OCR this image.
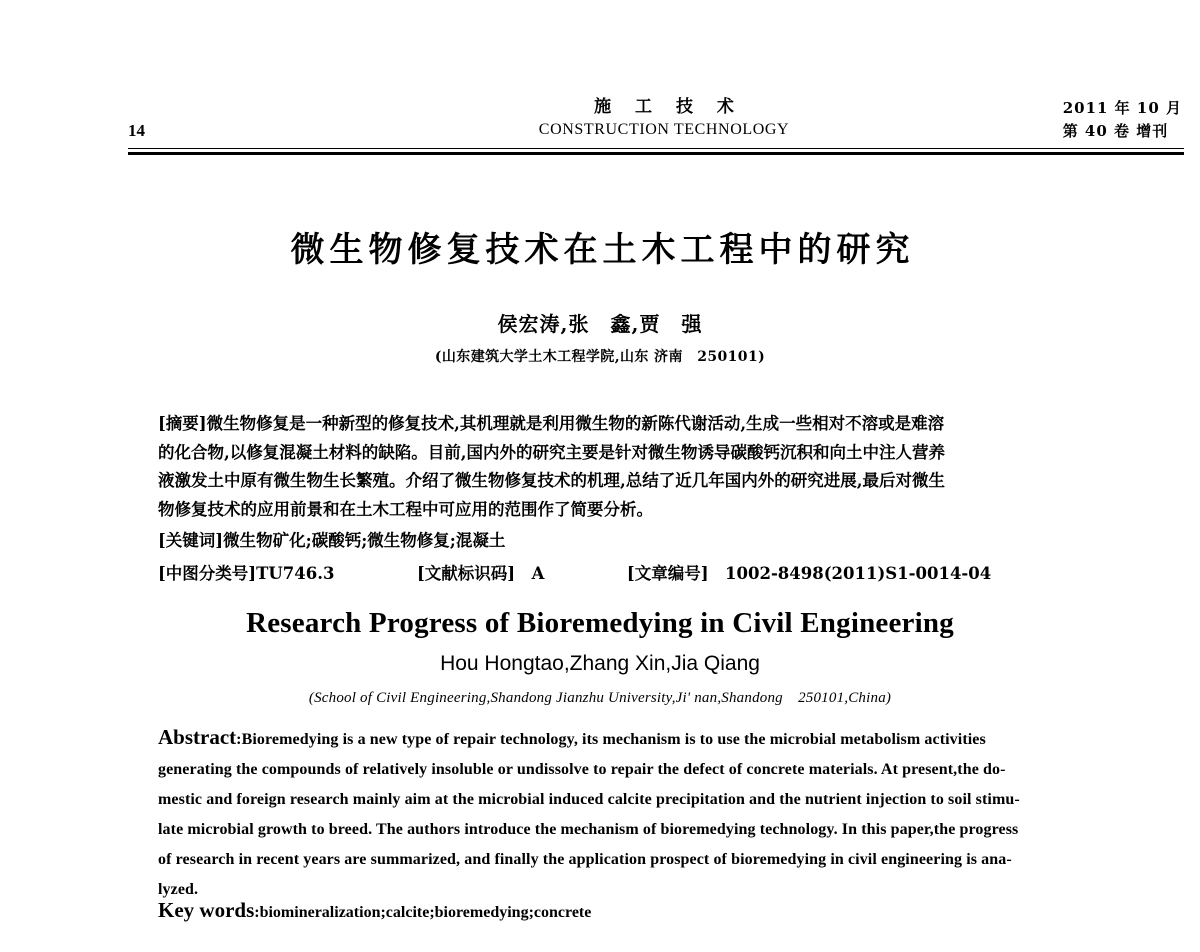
14
施 工 技 术
CONSTRUCTION TECHNOLOGY
2011 年 10 月
第 40 卷 增刊
微生物修复技术在土木工程中的研究
侯宏涛,张　鑫,贾　强
(山东建筑大学土木工程学院,山东 济南　250101)
[摘要]微生物修复是一种新型的修复技术,其机理就是利用微生物的新陈代谢活动,生成一些相对不溶或是难溶
的化合物,以修复混凝土材料的缺陷。目前,国内外的研究主要是针对微生物诱导碳酸钙沉积和向土中注人营养
液激发土中原有微生物生长繁殖。介绍了微生物修复技术的机理,总结了近几年国内外的研究进展,最后对微生
物修复技术的应用前景和在土木工程中可应用的范围作了简要分析。
[关键词]微生物矿化;碳酸钙;微生物修复;混凝土
[中图分类号]TU746.3　　　　　	[文献标识码]　 A　　　　　	[文章编号]　 1002-8498(2011)S1-0014-04
Research Progress of Bioremedying in Civil Engineering
Hou Hongtao,Zhang Xin,Jia Qiang
(School of Civil Engineering,Shandong Jianzhu University,Ji' nan,Shandong　250101,China)
Abstract:Bioremedying is a new type of repair technology, its mechanism is to use the microbial metabolism activities
generating the compounds of relatively insoluble or undissolve to repair the defect of concrete materials. At present,the do-
mestic and foreign research mainly aim at the microbial induced calcite precipitation and the nutrient injection to soil stimu-
late microbial growth to breed. The authors introduce the mechanism of bioremedying technology. In this paper,the progress
of research in recent years are summarized, and finally the application prospect of bioremedying in civil engineering is ana-
lyzed.
Key words:biomineralization;calcite;bioremedying;concrete
